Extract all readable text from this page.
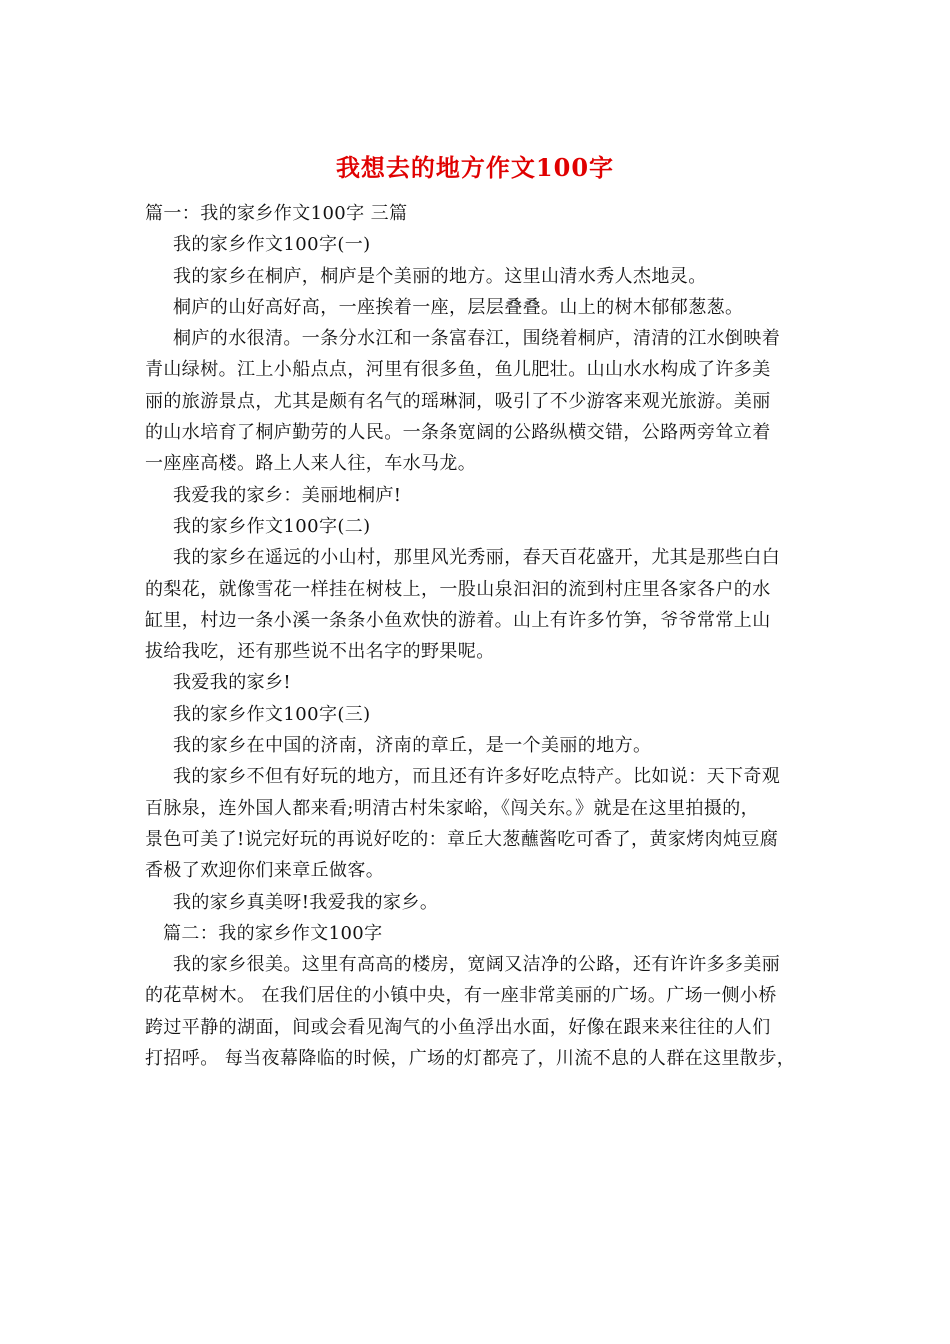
我想去的地方作文100字
篇一：我的家乡作文100字 三篇
我的家乡作文100字(一)
我的家乡在桐庐，桐庐是个美丽的地方。这里山清水秀人杰地灵。
桐庐的山好高好高，一座挨着一座，层层叠叠。山上的树木郁郁葱葱。
桐庐的水很清。一条分水江和一条富春江，围绕着桐庐，清清的江水倒映着
青山绿树。江上小船点点，河里有很多鱼，鱼儿肥壮。山山水水构成了许多美
丽的旅游景点，尤其是颇有名气的瑶琳洞，吸引了不少游客来观光旅游。美丽
的山水培育了桐庐勤劳的人民。一条条宽阔的公路纵横交错，公路两旁耸立着
一座座高楼。路上人来人往，车水马龙。
我爱我的家乡：美丽地桐庐!
我的家乡作文100字(二)
我的家乡在遥远的小山村，那里风光秀丽，春天百花盛开，尤其是那些白白
的梨花，就像雪花一样挂在树枝上，一股山泉汩汩的流到村庄里各家各户的水
缸里，村边一条小溪一条条小鱼欢快的游着。山上有许多竹笋，爷爷常常上山
拔给我吃，还有那些说不出名字的野果呢。
我爱我的家乡!
我的家乡作文100字(三)
我的家乡在中国的济南，济南的章丘，是一个美丽的地方。
我的家乡不但有好玩的地方，而且还有许多好吃点特产。比如说：天下奇观
百脉泉，连外国人都来看;明清古村朱家峪，《闯关东。》就是在这里拍摄的，
景色可美了!说完好玩的再说好吃的：章丘大葱蘸酱吃可香了，黄家烤肉炖豆腐
香极了欢迎你们来章丘做客。
我的家乡真美呀!我爱我的家乡。
篇二：我的家乡作文100字
我的家乡很美。这里有高高的楼房，宽阔又洁净的公路，还有许许多多美丽
的花草树木。 在我们居住的小镇中央，有一座非常美丽的广场。广场一侧小桥
跨过平静的湖面，间或会看见淘气的小鱼浮出水面，好像在跟来来往往的人们
打招呼。 每当夜幕降临的时候，广场的灯都亮了，川流不息的人群在这里散步，
